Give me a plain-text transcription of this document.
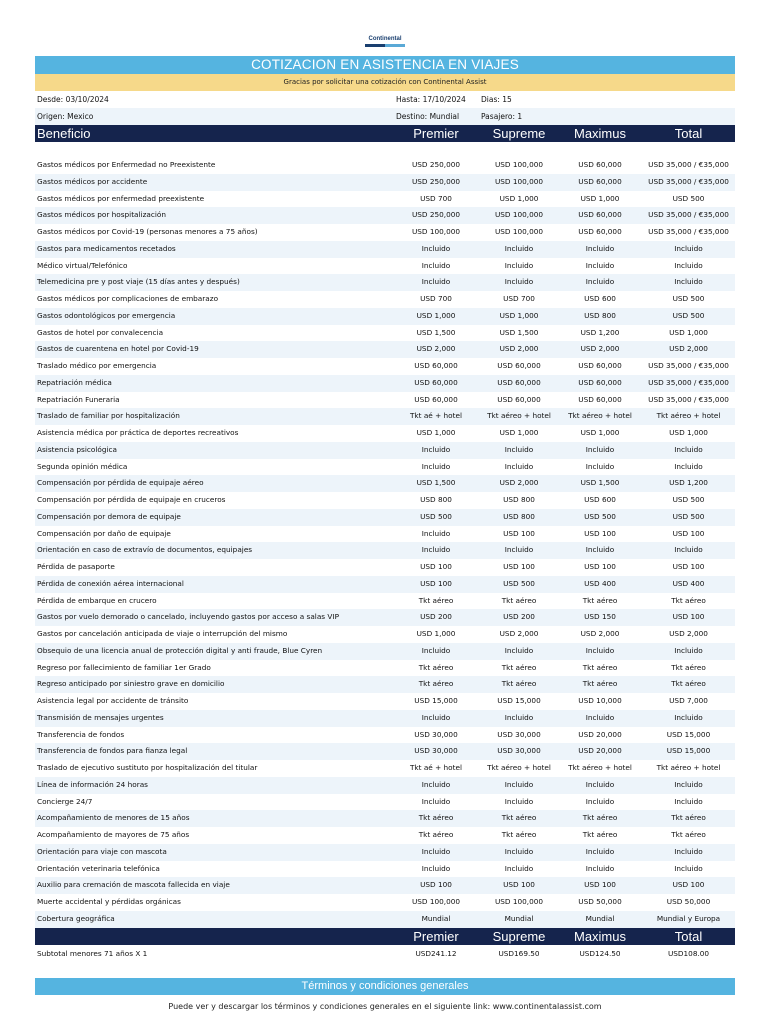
Continental
COTIZACION EN ASISTENCIA EN VIAJES
Gracias por solicitar una cotización con Continental Assist
Desde: 03/10/2024	Hasta: 17/10/2024 Dias: 15
Origen: Mexico	Destino: Mundial	Pasajero: 1
Beneficio	Premier	Supreme	Maximus	Total
Gastos médicos por Enfermedad no Preexistente	USD 250,000	USD 100,000	USD 60,000	USD 35,000 / €35,000
Gastos médicos por accidente	USD 250,000	USD 100,000	USD 60,000	USD 35,000 / €35,000
Gastos médicos por enfermedad preexistente	USD 700	USD 1,000	USD 1,000	USD 500
Gastos médicos por hospitalización	USD 250,000	USD 100,000	USD 60,000	USD 35,000 / €35,000
Gastos médicos por Covid-19 (personas menores a 75 años)	USD 100,000	USD 100,000	USD 60,000	USD 35,000 / €35,000
Gastos para medicamentos recetados	Incluido	Incluido	Incluido	Incluido
Médico virtual/Telefónico	Incluido	Incluido	Incluido	Incluido
Telemedicina pre y post viaje (15 días antes y después)	Incluido	Incluido	Incluido	Incluido
Gastos médicos por complicaciones de embarazo	USD 700	USD 700	USD 600	USD 500
Gastos odontológicos por emergencia	USD 1,000	USD 1,000	USD 800	USD 500
Gastos de hotel por convalecencia	USD 1,500	USD 1,500	USD 1,200	USD 1,000
Gastos de cuarentena en hotel por Covid-19	USD 2,000	USD 2,000	USD 2,000	USD 2,000
Traslado médico por emergencia	USD 60,000	USD 60,000	USD 60,000	USD 35,000 / €35,000
Repatriación médica	USD 60,000	USD 60,000	USD 60,000	USD 35,000 / €35,000
Repatriación Funeraria	USD 60,000	USD 60,000	USD 60,000	USD 35,000 / €35,000
Traslado de familiar por hospitalización	Tkt aé + hotel	Tkt aéreo + hotel	Tkt aéreo + hotel	Tkt aéreo + hotel
Asistencia médica por práctica de deportes recreativos	USD 1,000	USD 1,000	USD 1,000	USD 1,000
Asistencia psicológica	Incluido	Incluido	Incluido	Incluido
Segunda opinión médica	Incluido	Incluido	Incluido	Incluido
Compensación por pérdida de equipaje aéreo	USD 1,500	USD 2,000	USD 1,500	USD 1,200
Compensación por pérdida de equipaje en cruceros	USD 800	USD 800	USD 600	USD 500
Compensación por demora de equipaje	USD 500	USD 800	USD 500	USD 500
Compensación por daño de equipaje	Incluido	USD 100	USD 100	USD 100
Orientación en caso de extravío de documentos, equipajes	Incluido	Incluido	Incluido	Incluido
Pérdida de pasaporte	USD 100	USD 100	USD 100	USD 100
Pérdida de conexión aérea internacional	USD 100	USD 500	USD 400	USD 400
Pérdida de embarque en crucero	Tkt aéreo	Tkt aéreo	Tkt aéreo	Tkt aéreo
Gastos por vuelo demorado o cancelado, incluyendo gastos por acceso a salas VIP	USD 200	USD 200	USD 150	USD 100
Gastos por cancelación anticipada de viaje o interrupción del mismo	USD 1,000	USD 2,000	USD 2,000	USD 2,000
Obsequio de una licencia anual de protección digital y anti fraude, Blue Cyren	Incluido	Incluido	Incluido	Incluido
Regreso por fallecimiento de familiar 1er Grado	Tkt aéreo	Tkt aéreo	Tkt aéreo	Tkt aéreo
Regreso anticipado por siniestro grave en domicilio	Tkt aéreo	Tkt aéreo	Tkt aéreo	Tkt aéreo
Asistencia legal por accidente de tránsito	USD 15,000	USD 15,000	USD 10,000	USD 7,000
Transmisión de mensajes urgentes	Incluido	Incluido	Incluido	Incluido
Transferencia de fondos	USD 30,000	USD 30,000	USD 20,000	USD 15,000
Transferencia de fondos para fianza legal	USD 30,000	USD 30,000	USD 20,000	USD 15,000
Traslado de ejecutivo sustituto por hospitalización del titular	Tkt aé + hotel	Tkt aéreo + hotel	Tkt aéreo + hotel	Tkt aéreo + hotel
Línea de información 24 horas	Incluido	Incluido	Incluido	Incluido
Concierge 24/7	Incluido	Incluido	Incluido	Incluido
Acompañamiento de menores de 15 años	Tkt aéreo	Tkt aéreo	Tkt aéreo	Tkt aéreo
Acompañamiento de mayores de 75 años	Tkt aéreo	Tkt aéreo	Tkt aéreo	Tkt aéreo
Orientación para viaje con mascota	Incluido	Incluido	Incluido	Incluido
Orientación veterinaria telefónica	Incluido	Incluido	Incluido	Incluido
Auxilio para cremación de mascota fallecida en viaje	USD 100	USD 100	USD 100	USD 100
Muerte accidental y pérdidas orgánicas	USD 100,000	USD 100,000	USD 50,000	USD 50,000
Cobertura geográfica	Mundial	Mundial	Mundial	Mundial y Europa
Premier	Supreme	Maximus	Total
Subtotal menores 71 años X 1	USD241.12	USD169.50	USD124.50	USD108.00
Términos y condiciones generales
Puede ver y descargar los términos y condiciones generales en el siguiente link: www.continentalassist.com
